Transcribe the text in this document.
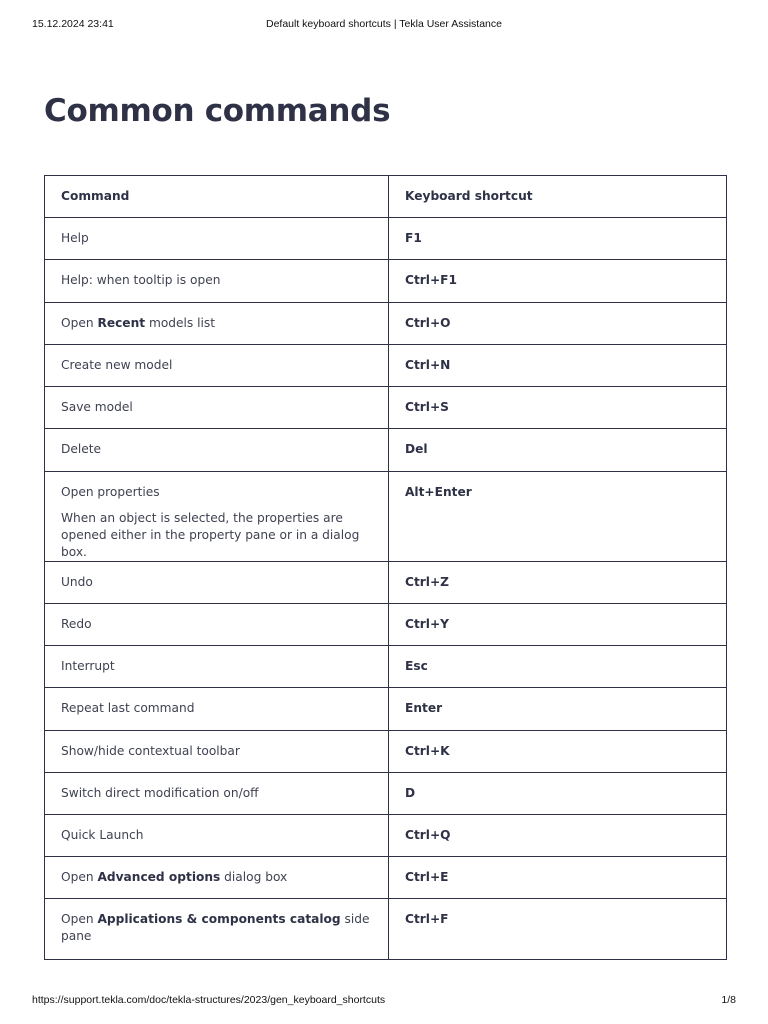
15.12.2024 23:41	Default keyboard shortcuts | Tekla User Assistance
Common commands
Command	Keyboard shortcut
Help	F1
Help: when tooltip is open	Ctrl+F1
Open Recent models list	Ctrl+O
Create new model	Ctrl+N
Save model	Ctrl+S
Delete	Del

Open properties
When an object is selected, the properties are opened either in the property pane or in a dialog box.	Alt+Enter
Undo	Ctrl+Z
Redo	Ctrl+Y
Interrupt	Esc
Repeat last command	Enter
Show/hide contextual toolbar	Ctrl+K
Switch direct modification on/off	D
Quick Launch	Ctrl+Q
Open Advanced options dialog box	Ctrl+E
Open Applications & components catalog side pane	Ctrl+F
https://support.tekla.com/doc/tekla-structures/2023/gen_keyboard_shortcuts	1/8
